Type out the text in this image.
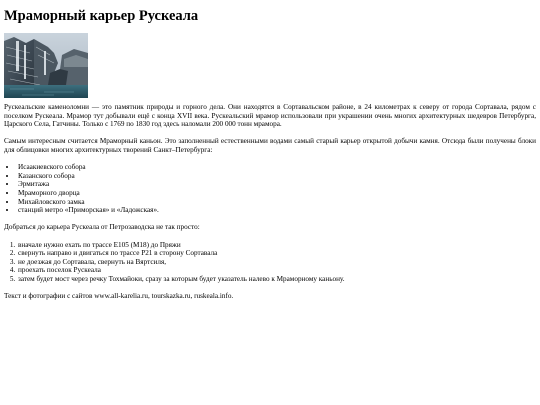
Мраморный карьер Рускеала

Рускеальские каменоломни — это памятник природы и горного дела. Они находятся в Сортавальском районе, в 24 километрах к северу от города Сортавала, рядом с поселком Рускеала. Мрамор тут добывали ещё с конца XVII века. Рускеальский мрамор использовали при украшении очень многих архитектурных шедевров Петербурга, Царского Села, Гатчины. Только с 1769 по 1830 год здесь наломали 200 000 тонн мрамора.

Самым интересным считается Мраморный каньон. Это заполненный естественными водами самый старый карьер открытой добычи камня. Отсюда были получены блоки для облицовки многих архитектурных творений Санкт–Петербурга:

• Исаакиевского собора
• Казанского собора
• Эрмитажа
• Мраморного дворца
• Михайловского замка
• станций метро «Приморская» и «Ладожская».

Добраться до карьера Рускеала от Петрозаводска не так просто:

1. вначале нужно ехать по трассе Е105 (М18) до Пряжи
2. свернуть направо и двигаться по трассе Р21 в сторону Сортавала
3. не доезжая до Сортавала, свернуть на Вяртсиля,
4. проехать поселок Рускеала
5. затем будет мост через речку Тохмайоки, сразу за которым будет указатель налево к Мраморному каньону.

Текст и фотографии с сайтов www.all-karelia.ru, tourskazka.ru, ruskeala.info.
